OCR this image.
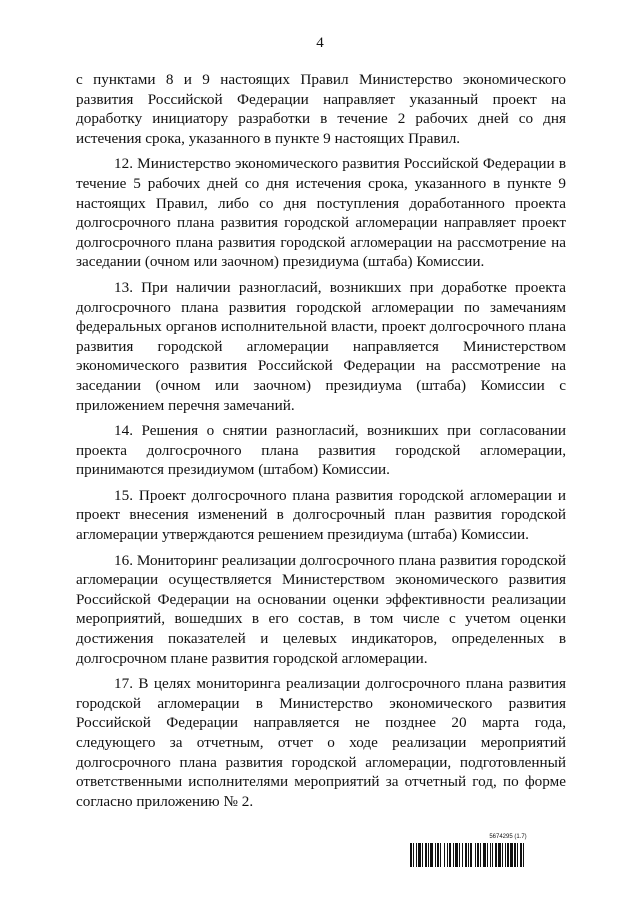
4

с пунктами 8 и 9 настоящих Правил Министерство экономического развития Российской Федерации направляет указанный проект на доработку инициатору разработки в течение 2 рабочих дней со дня истечения срока, указанного в пункте 9 настоящих Правил.

12. Министерство экономического развития Российской Федерации в течение 5 рабочих дней со дня истечения срока, указанного в пункте 9 настоящих Правил, либо со дня поступления доработанного проекта долгосрочного плана развития городской агломерации направляет проект долгосрочного плана развития городской агломерации на рассмотрение на заседании (очном или заочном) президиума (штаба) Комиссии.

13. При наличии разногласий, возникших при доработке проекта долгосрочного плана развития городской агломерации по замечаниям федеральных органов исполнительной власти, проект долгосрочного плана развития городской агломерации направляется Министерством экономического развития Российской Федерации на рассмотрение на заседании (очном или заочном) президиума (штаба) Комиссии с приложением перечня замечаний.

14. Решения о снятии разногласий, возникших при согласовании проекта долгосрочного плана развития городской агломерации, принимаются президиумом (штабом) Комиссии.

15. Проект долгосрочного плана развития городской агломерации и проект внесения изменений в долгосрочный план развития городской агломерации утверждаются решением президиума (штаба) Комиссии.

16. Мониторинг реализации долгосрочного плана развития городской агломерации осуществляется Министерством экономического развития Российской Федерации на основании оценки эффективности реализации мероприятий, вошедших в его состав, в том числе с учетом оценки достижения показателей и целевых индикаторов, определенных в долгосрочном плане развития городской агломерации.

17. В целях мониторинга реализации долгосрочного плана развития городской агломерации в Министерство экономического развития Российской Федерации направляется не позднее 20 марта года, следующего за отчетным, отчет о ходе реализации мероприятий долгосрочного плана развития городской агломерации, подготовленный ответственными исполнителями мероприятий за отчетный год, по форме согласно приложению № 2.

5674295 (1.7)
